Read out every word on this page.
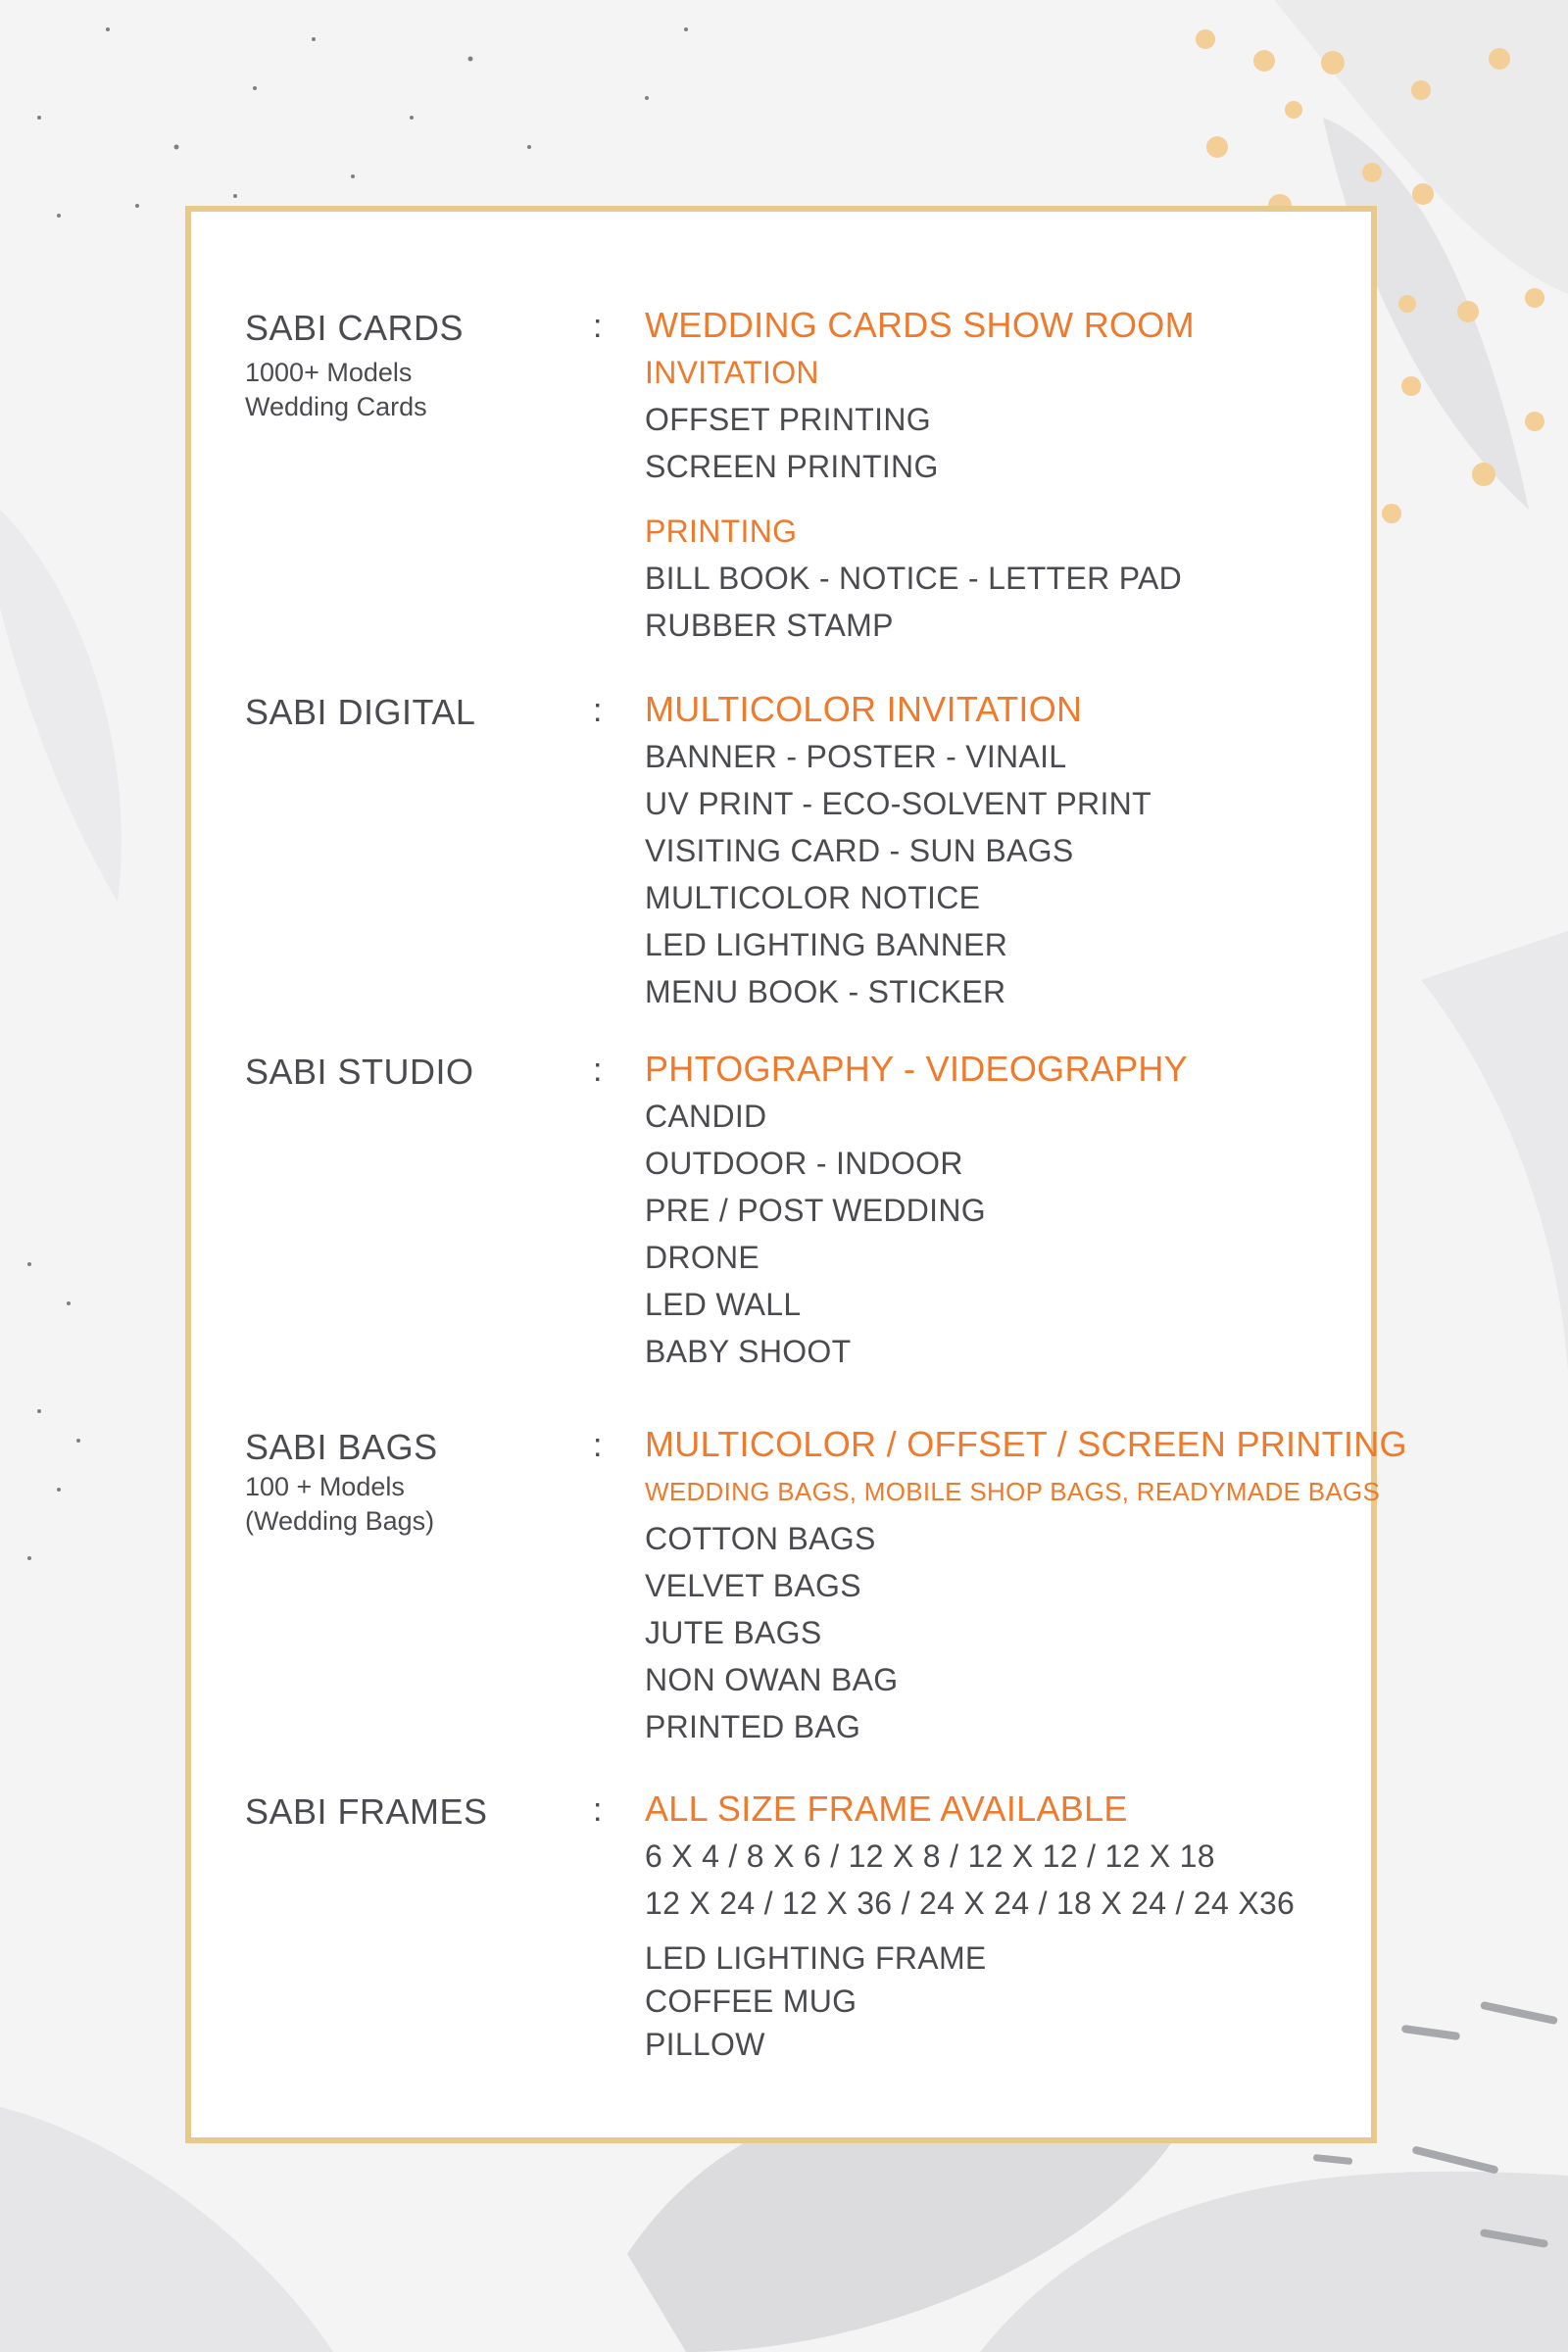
SABI CARDS
1000+ Models
Wedding Cards
: WEDDING CARDS SHOW ROOM
INVITATION
OFFSET PRINTING
SCREEN PRINTING
PRINTING
BILL BOOK - NOTICE - LETTER PAD
RUBBER STAMP
SABI DIGITAL	: MULTICOLOR INVITATION
BANNER - POSTER - VINAIL
UV PRINT - ECO-SOLVENT PRINT
VISITING CARD - SUN BAGS
MULTICOLOR NOTICE
LED LIGHTING BANNER
MENU BOOK - STICKER
SABI STUDIO	: PHTOGRAPHY - VIDEOGRAPHY
CANDID
OUTDOOR - INDOOR
PRE / POST WEDDING
DRONE
LED WALL
BABY SHOOT
SABI BAGS
100 + Models
(Wedding Bags)
: MULTICOLOR / OFFSET / SCREEN PRINTING
WEDDING BAGS, MOBILE SHOP BAGS, READYMADE BAGS
COTTON BAGS
VELVET BAGS
JUTE BAGS
NON OWAN BAG
PRINTED BAG
SABI FRAMES	: ALL SIZE FRAME AVAILABLE
6 X 4 / 8 X 6 / 12 X 8 / 12 X 12 / 12 X 18
12 X 24 / 12 X 36 / 24 X 24 / 18 X 24 / 24 X36
LED LIGHTING FRAME
COFFEE MUG
PILLOW
